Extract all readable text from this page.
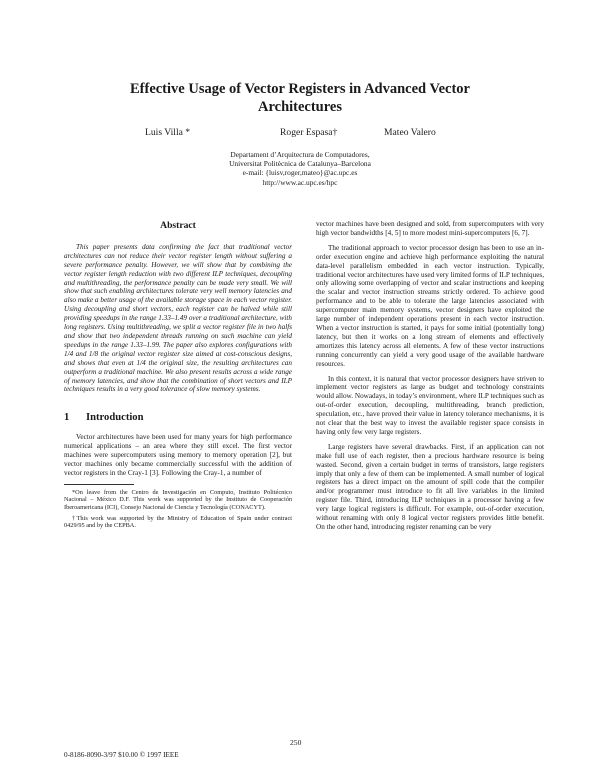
Effective Usage of Vector Registers in Advanced Vector
Architectures
Luis Villa *	Roger Espasa†	Mateo Valero
Departament d’Arquitectura de Computadores,
Universitat Politècnica de Catalunya–Barcelona
e-mail: {luisv,roger,mateo}@ac.upc.es
http://www.ac.upc.es/hpc
Abstract

This paper presents data confirming the fact that traditional vector architectures can not reduce their vector register length without suffering a severe performance penalty. However, we will show that by combining the vector register length reduction with two different ILP techniques, decoupling and multithreading, the performance penalty can be made very small. We will show that such enabling architectures tolerate very well memory latencies and also make a better usage of the available storage space in each vector register. Using decoupling and short vectors, each register can be halved while still providing speedups in the range 1.33–1.49 over a traditional architecture, with long registers. Using multithreading, we split a vector register file in two halfs and show that two independent threads running on such machine can yield speedups in the range 1.33–1.99. The paper also explores configurations with 1/4 and 1/8 the original vector register size aimed at cost-conscious designs, and shows that even at 1/4 the original size, the resulting architectures can outperform a traditional machine. We also present results across a wide range of memory latencies, and show that the combination of short vectors and ILP techniques results in a very good tolerance of slow memory systems.

1 Introduction

Vector architectures have been used for many years for high performance numerical applications – an area where they still excel. The first vector machines were supercomputers using memory to memory operation [2], but vector machines only became commercially successful with the addition of vector registers in the Cray-1 [3]. Following the Cray-1, a number of

*On leave from the Centro de Investigación en Computo, Instituto Politécnico Nacional – México D.F. This work was supported by the Instituto de Cooperación Iberoamericana (ICI), Consejo Nacional de Ciencia y Tecnología (CONACYT).

†This work was supported by the Ministry of Education of Spain under contract 0429/95 and by the CEPBA.

vector machines have been designed and sold, from supercomputers with very high vector bandwidths [4, 5] to more modest mini-supercomputers [6, 7].

The traditional approach to vector processor design has been to use an in-order execution engine and achieve high performance exploiting the natural data-level parallelism embedded in each vector instruction. Typically, traditional vector architectures have used very limited forms of ILP techniques, only allowing some overlapping of vector and scalar instructions and keeping the scalar and vector instruction streams strictly ordered. To achieve good performance and to be able to tolerate the large latencies associated with supercomputer main memory systems, vector designers have exploited the large number of independent operations present in each vector instruction. When a vector instruction is started, it pays for some initial (potentially long) latency, but then it works on a long stream of elements and effectively amortizes this latency across all elements. A few of these vector instructions running concurrently can yield a very good usage of the available hardware resources.

In this context, it is natural that vector processor designers have striven to implement vector registers as large as budget and technology constraints would allow. Nowadays, in today’s environment, where ILP techniques such as out-of-order execution, decoupling, multithreading, branch prediction, speculation, etc., have proved their value in latency tolerance mechanisms, it is not clear that the best way to invest the available register space consists in having only few very large registers.

Large registers have several drawbacks. First, if an application can not make full use of each register, then a precious hardware resource is being wasted. Second, given a certain budget in terms of transistors, large registers imply that only a few of them can be implemented. A small number of logical registers has a direct impact on the amount of spill code that the compiler and/or programmer must introduce to fit all live variables in the limited register file. Third, introducing ILP techniques in a processor having a few very large logical registers is difficult. For example, out-of-order execution, without renaming with only 8 logical vector registers provides little benefit. On the other hand, introducing register renaming can be very

250
0-8186-8090-3/97 $10.00 © 1997 IEEE
